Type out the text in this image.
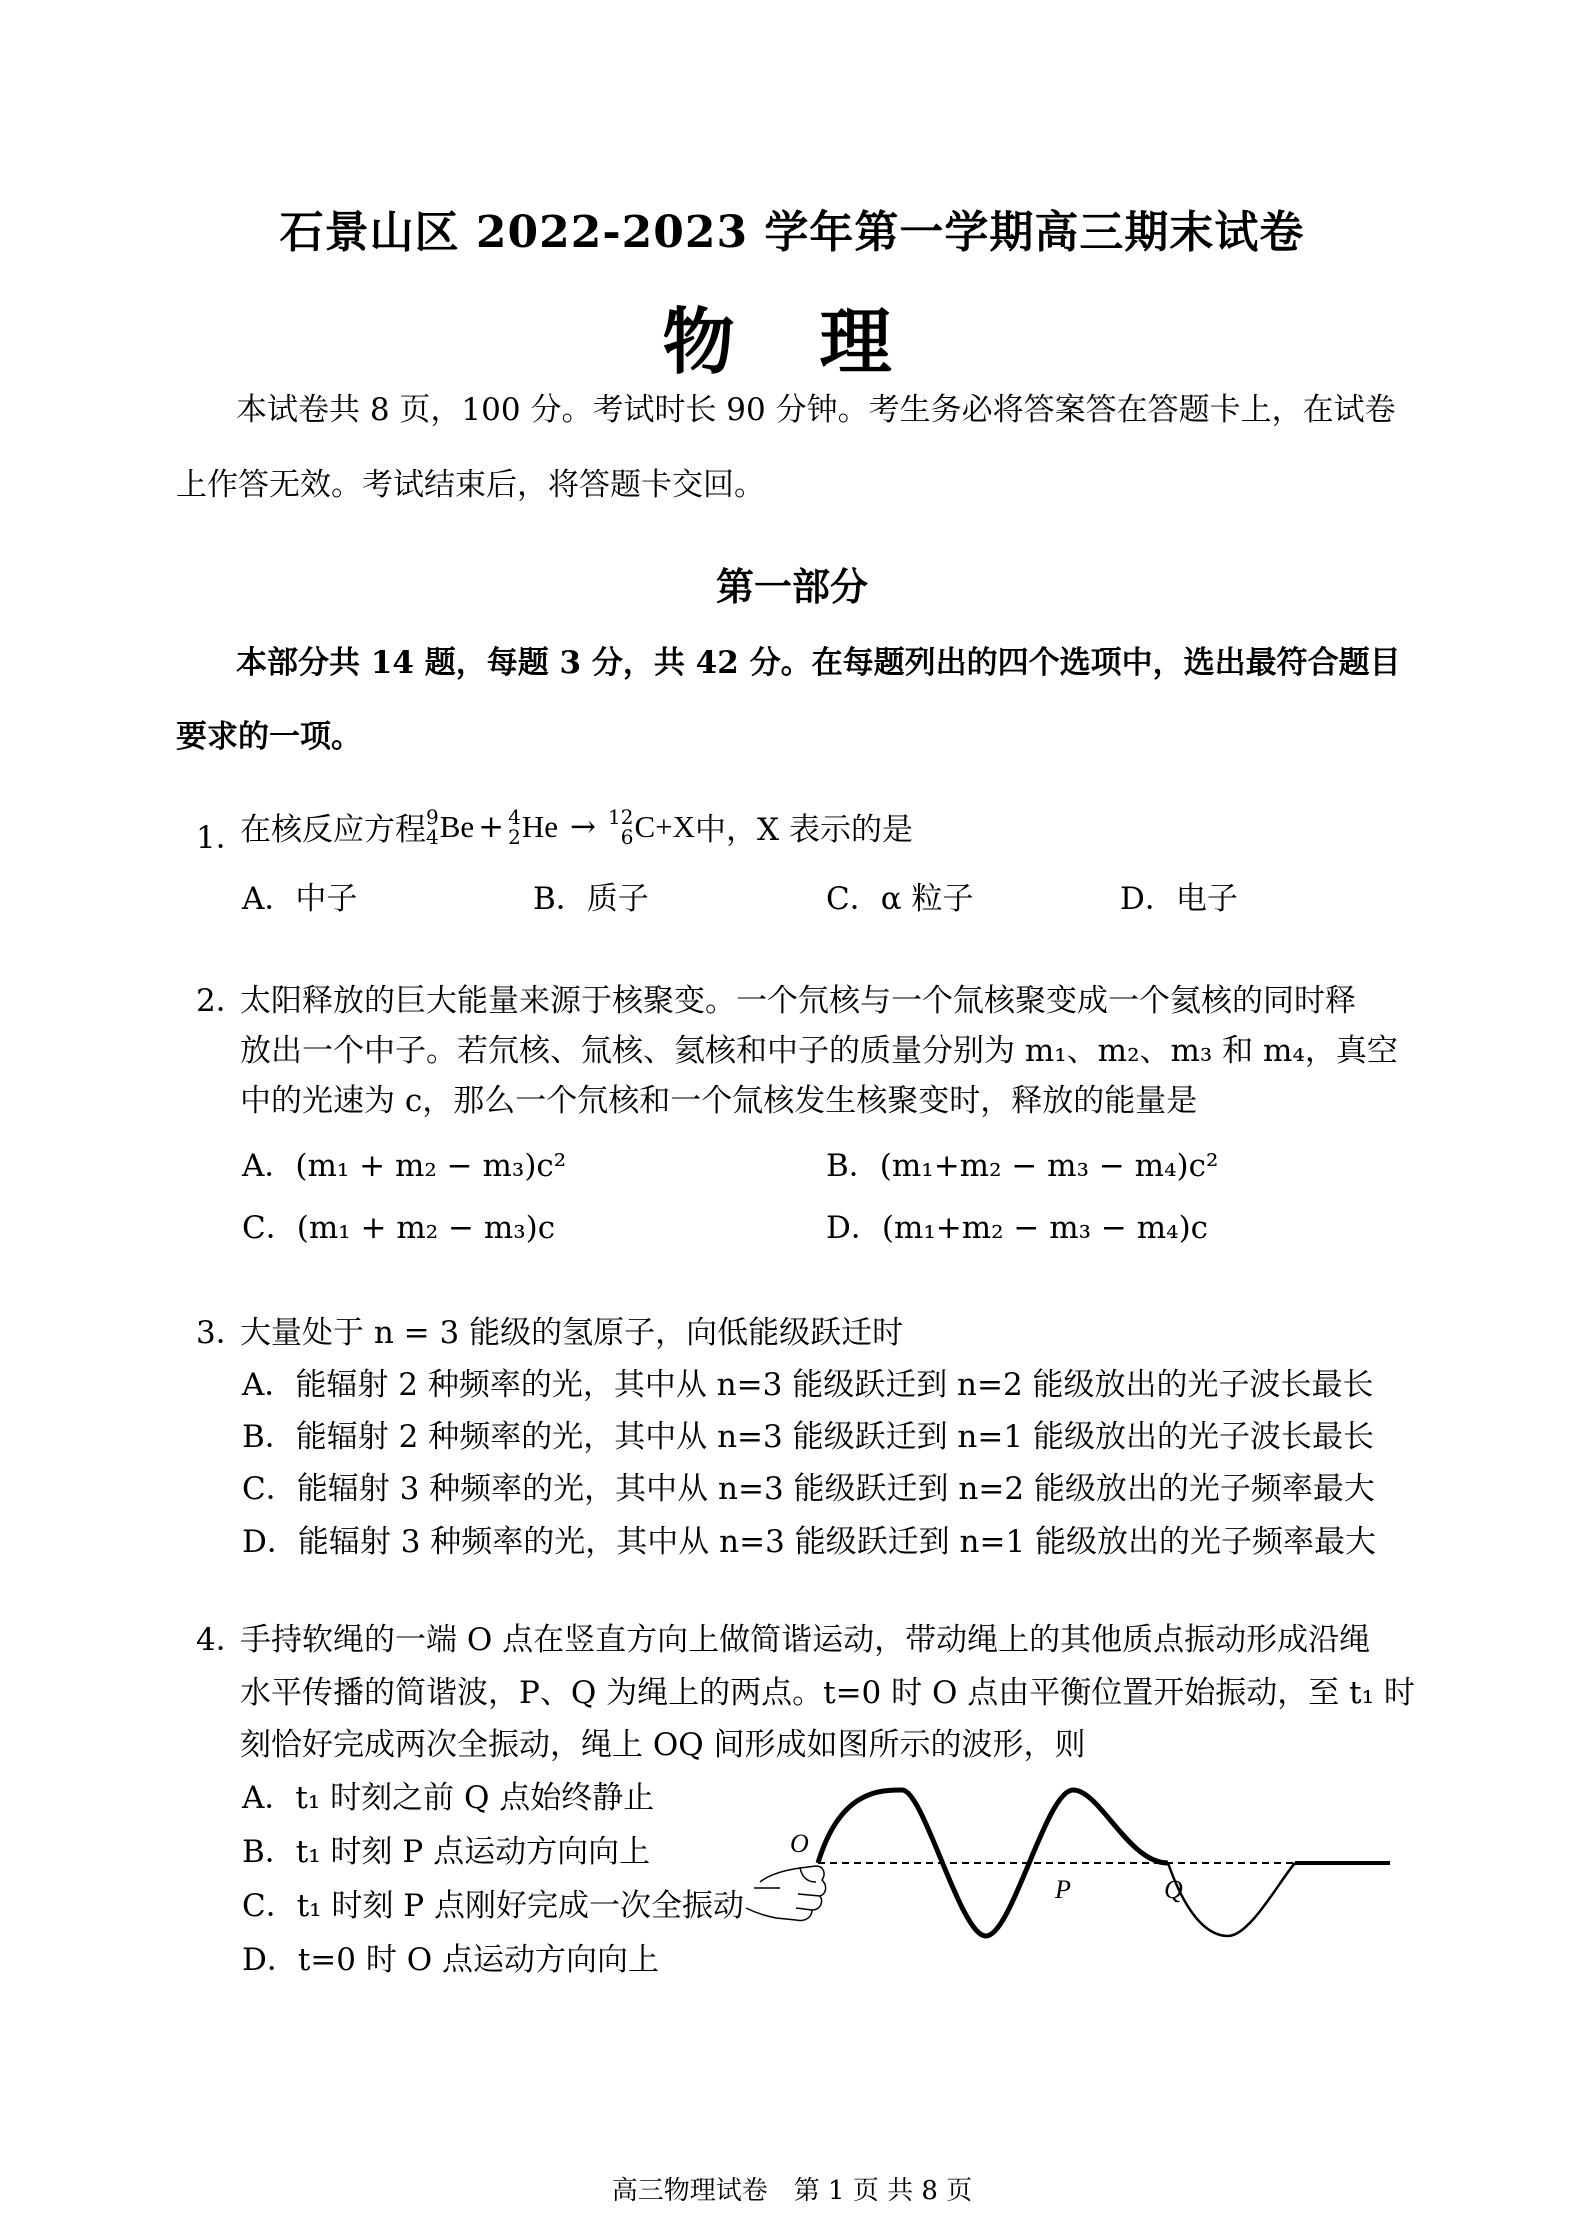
石景山区 2022-2023 学年第一学期高三期末试卷
物 理
本试卷共 8 页，100 分。考试时长 90 分钟。考生务必将答案答在答题卡上，在试卷
上作答无效。考试结束后，将答题卡交回。
第一部分
本部分共 14 题，每题 3 分，共 42 分。在每题列出的四个选项中，选出最符合题目
要求的一项。
1．
在核反应方程 9
4 Be + 4
2 He → 12
6 C +X 中，X 表示的是
A．中子	B．质子	C．α 粒子	D．电子
2．
太阳释放的巨大能量来源于核聚变。一个氘核与一个氚核聚变成一个氦核的同时释
放出一个中子。若氘核、氚核、氦核和中子的质量分别为 m₁、m₂、m₃ 和 m₄，真空
中的光速为 c，那么一个氘核和一个氚核发生核聚变时，释放的能量是
A．(m₁ + m₂ − m₃)c²	B．(m₁+m₂ − m₃ − m₄)c²
C．(m₁ + m₂ − m₃)c	D．(m₁+m₂ − m₃ − m₄)c
3．
大量处于 n = 3 能级的氢原子，向低能级跃迁时
A．能辐射 2 种频率的光，其中从 n=3 能级跃迁到 n=2 能级放出的光子波长最长
B．能辐射 2 种频率的光，其中从 n=3 能级跃迁到 n=1 能级放出的光子波长最长
C．能辐射 3 种频率的光，其中从 n=3 能级跃迁到 n=2 能级放出的光子频率最大
D．能辐射 3 种频率的光，其中从 n=3 能级跃迁到 n=1 能级放出的光子频率最大
4．
手持软绳的一端 O 点在竖直方向上做简谐运动，带动绳上的其他质点振动形成沿绳
水平传播的简谐波，P、Q 为绳上的两点。t=0 时 O 点由平衡位置开始振动，至 t₁ 时
刻恰好完成两次全振动，绳上 OQ 间形成如图所示的波形，则
A．t₁ 时刻之前 Q 点始终静止
B．t₁ 时刻 P 点运动方向向上
C．t₁ 时刻 P 点刚好完成一次全振动
D．t=0 时 O 点运动方向向上
O
P	Q
高三物理试卷　第 1 页 共 8 页
